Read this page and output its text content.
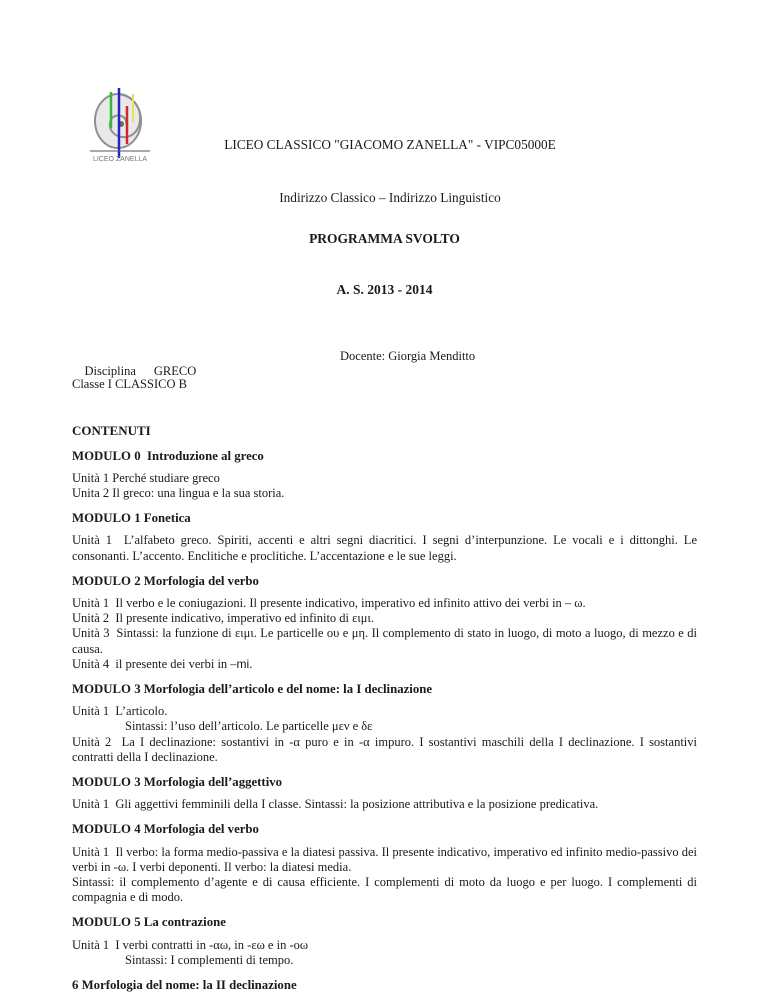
LICEO ZANELLA

LICEO CLASSICO "GIACOMO ZANELLA" - VIPC05000E

Indirizzo Classico – Indirizzo Linguistico

PROGRAMMA SVOLTO

A. S. 2013 - 2014

Disciplina GRECO

Docente: Giorgia Menditto

Classe I CLASSICO B
CONTENUTI
MODULO 0  Introduzione al greco

Unità 1 Perché studiare greco

Unita 2 Il greco: una lingua e la sua storia.

MODULO 1 Fonetica

Unità 1  L’alfabeto greco. Spiriti, accenti e altri segni diacritici. I segni d’interpunzione. Le vocali e i dittonghi. Le consonanti. L’accento. Enclitiche e proclitiche. L’accentazione e le sue leggi.

MODULO 2 Morfologia del verbo

Unità 1  Il verbo e le coniugazioni. Il presente indicativo, imperativo ed infinito attivo dei verbi in – ω.

Unità 2  Il presente indicativo, imperativo ed infinito di ειμι.

Unità 3  Sintassi: la funzione di ειμι. Le particelle ου e μη. Il complemento di stato in luogo, di moto a luogo, di mezzo e di causa.

Unità 4  il presente dei verbi in –mi.

MODULO 3 Morfologia dell’articolo e del nome: la I declinazione

Unità 1  L’articolo.

Sintassi: l’uso dell’articolo. Le particelle μεν e δε

Unità 2  La I declinazione: sostantivi in -α puro e in -α impuro. I sostantivi maschili della I declinazione. I sostantivi contratti della I declinazione.

MODULO 3 Morfologia dell’aggettivo

Unità 1  Gli aggettivi femminili della I classe. Sintassi: la posizione attributiva e la posizione predicativa.

MODULO 4 Morfologia del verbo

Unità 1  Il verbo: la forma medio-passiva e la diatesi passiva. Il presente indicativo, imperativo ed infinito medio-passivo dei verbi in -ω. I verbi deponenti. Il verbo: la diatesi media.

Sintassi: il complemento d’agente e di causa efficiente. I complementi di moto da luogo e per luogo. I complementi di compagnia e di modo.

MODULO 5 La contrazione

Unità 1  I verbi contratti in -αω, in -εω e in -οω

Sintassi: I complementi di tempo.

6 Morfologia del nome: la II declinazione
